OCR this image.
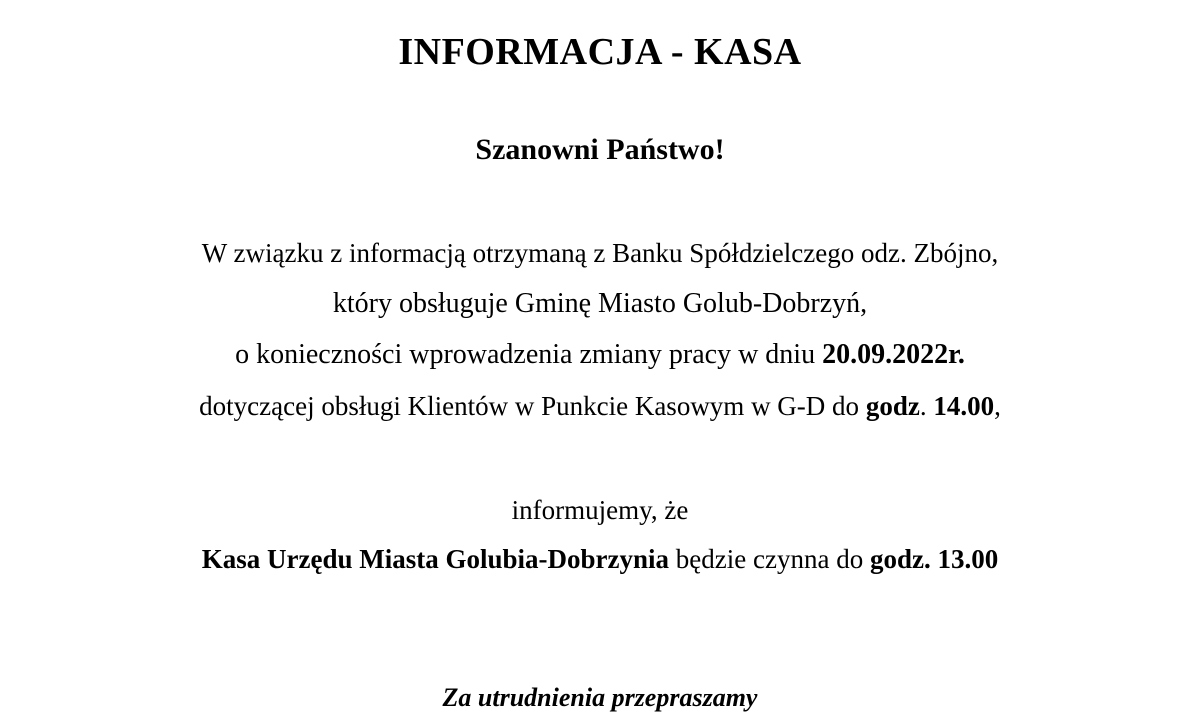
INFORMACJA - KASA
Szanowni Państwo!
W związku z informacją otrzymaną z Banku Spółdzielczego odz. Zbójno,
który obsługuje Gminę Miasto Golub-Dobrzyń,
o konieczności wprowadzenia zmiany pracy w dniu 20.09.2022r.
dotyczącej obsługi Klientów w Punkcie Kasowym w G-D do godz. 14.00,
informujemy, że
Kasa Urzędu Miasta Golubia-Dobrzynia będzie czynna do godz. 13.00
Za utrudnienia przepraszamy
